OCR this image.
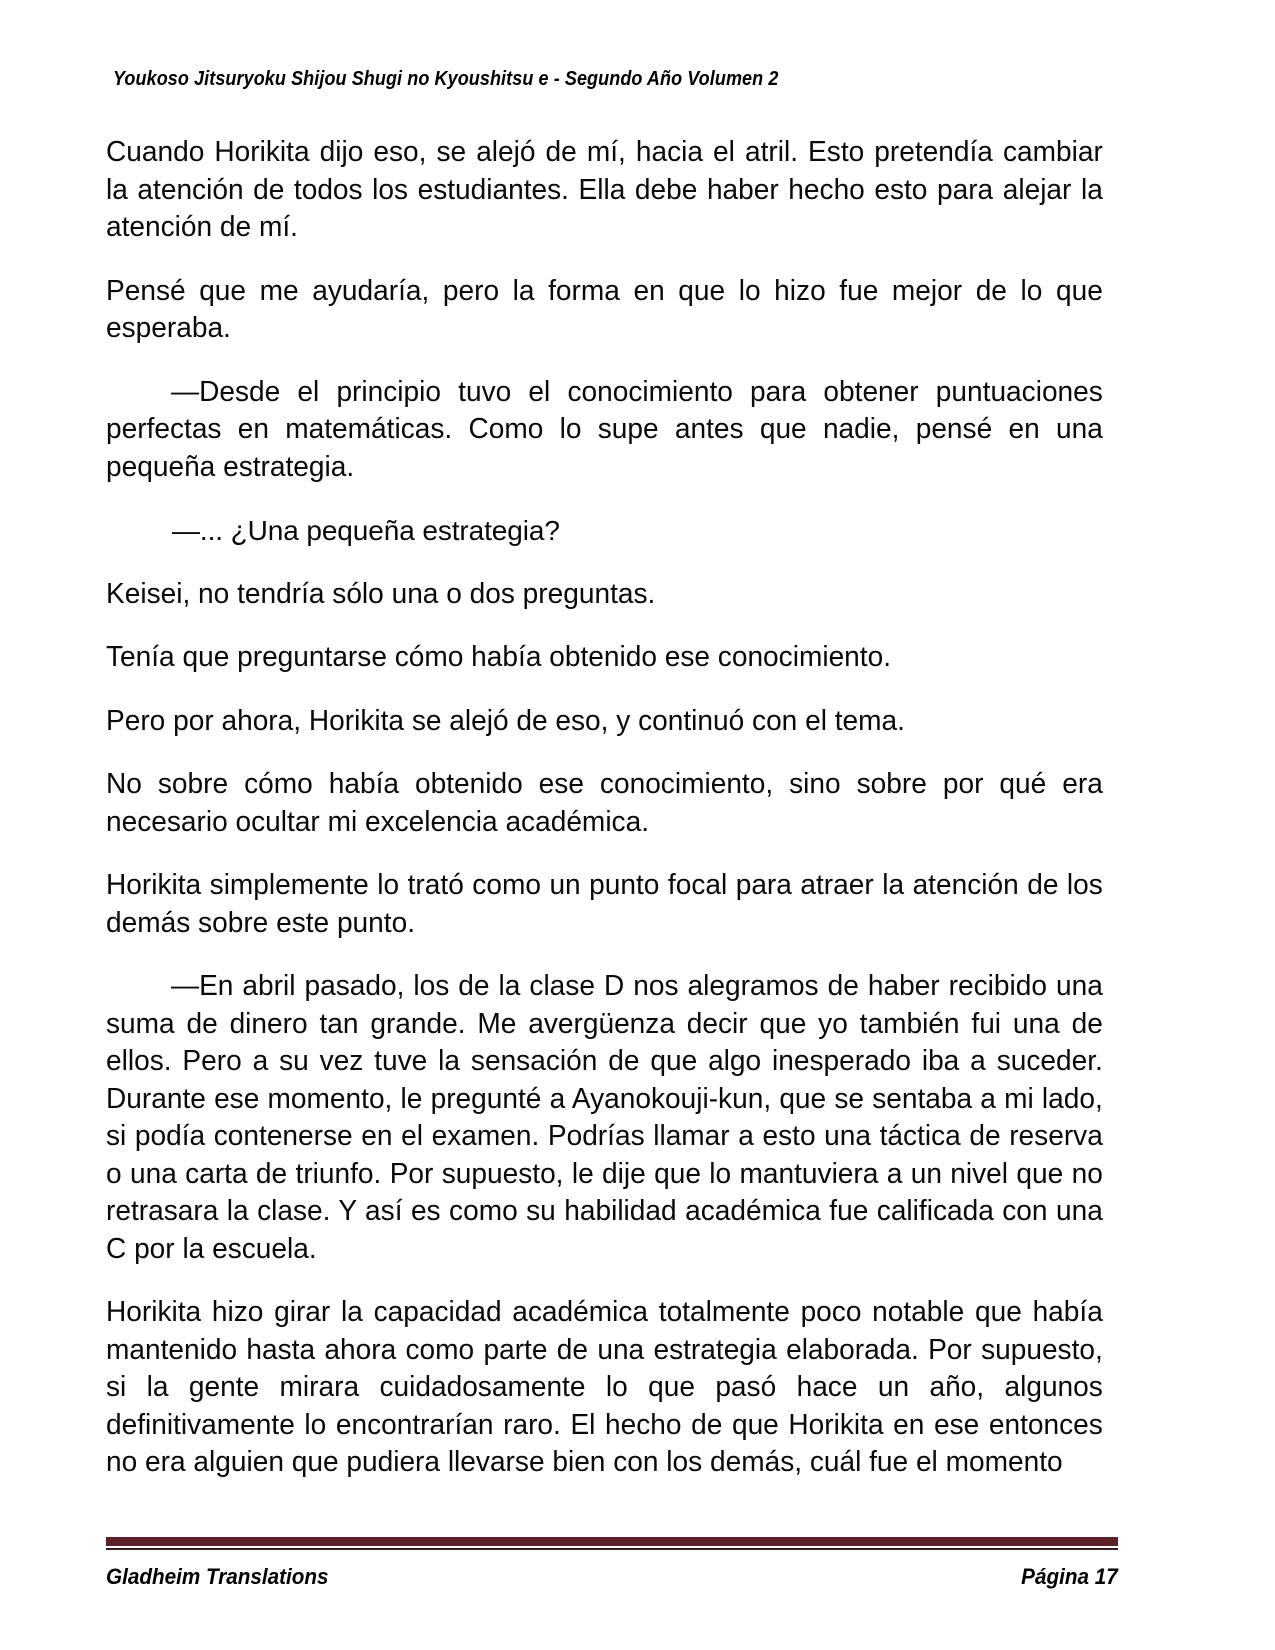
Youkoso Jitsuryoku Shijou Shugi no Kyoushitsu e - Segundo Año Volumen 2

Cuando Horikita dijo eso, se alejó de mí, hacia el atril. Esto pretendía cambiar la atención de todos los estudiantes. Ella debe haber hecho esto para alejar la atención de mí.

Pensé que me ayudaría, pero la forma en que lo hizo fue mejor de lo que esperaba.

—Desde el principio tuvo el conocimiento para obtener puntuaciones perfectas en matemáticas. Como lo supe antes que nadie, pensé en una pequeña estrategia.

—... ¿Una pequeña estrategia?

Keisei, no tendría sólo una o dos preguntas.

Tenía que preguntarse cómo había obtenido ese conocimiento.

Pero por ahora, Horikita se alejó de eso, y continuó con el tema.

No sobre cómo había obtenido ese conocimiento, sino sobre por qué era necesario ocultar mi excelencia académica.

Horikita simplemente lo trató como un punto focal para atraer la atención de los demás sobre este punto.

—En abril pasado, los de la clase D nos alegramos de haber recibido una suma de dinero tan grande. Me avergüenza decir que yo también fui una de ellos. Pero a su vez tuve la sensación de que algo inesperado iba a suceder. Durante ese momento, le pregunté a Ayanokouji-kun, que se sentaba a mi lado, si podía contenerse en el examen. Podrías llamar a esto una táctica de reserva o una carta de triunfo. Por supuesto, le dije que lo mantuviera a un nivel que no retrasara la clase. Y así es como su habilidad académica fue calificada con una C por la escuela.

Horikita hizo girar la capacidad académica totalmente poco notable que había mantenido hasta ahora como parte de una estrategia elaborada. Por supuesto, si la gente mirara cuidadosamente lo que pasó hace un año, algunos definitivamente lo encontrarían raro. El hecho de que Horikita en ese entonces no era alguien que pudiera llevarse bien con los demás, cuál fue el momento

Gladheim Translations	Página 17
